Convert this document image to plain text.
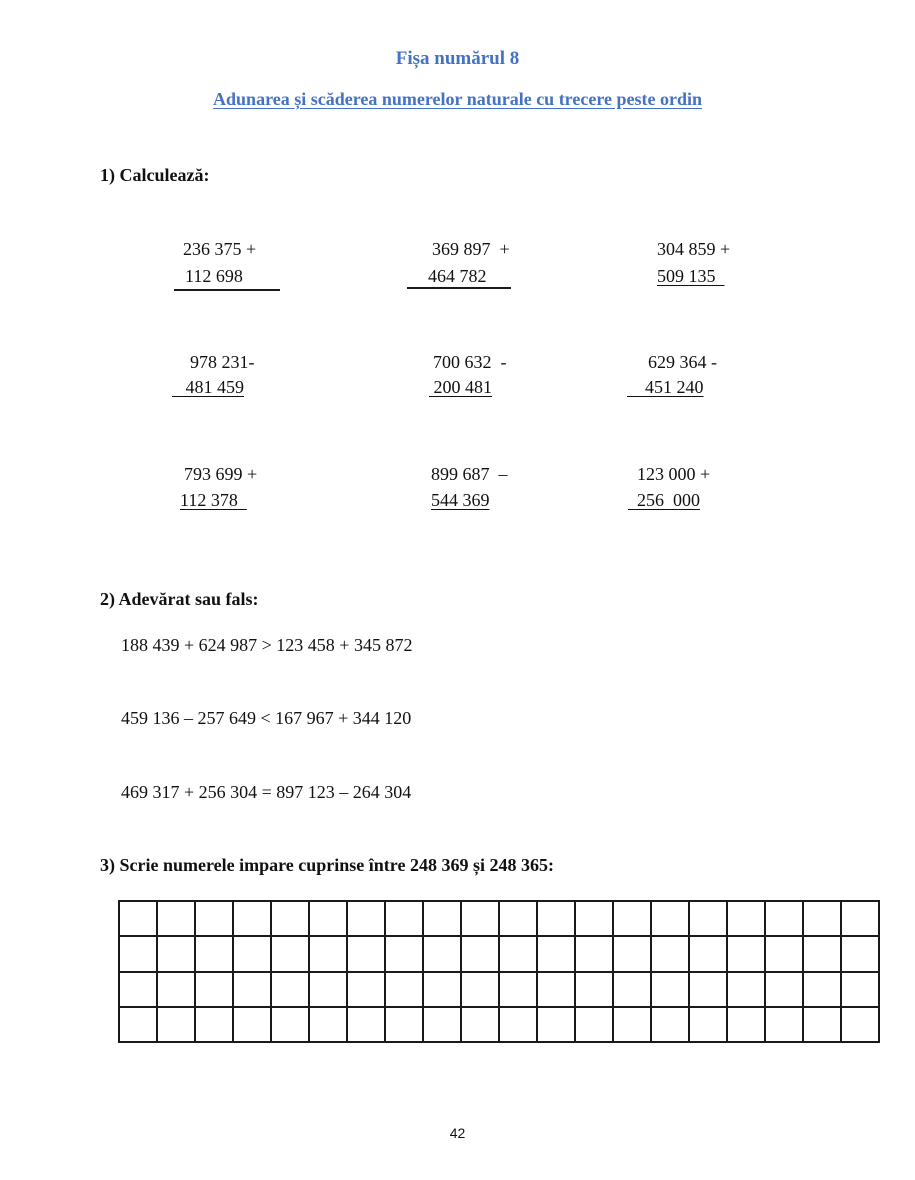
Fișa numărul 8
Adunarea și scăderea numerelor naturale cu trecere peste ordin
1) Calculează:
236 375 +
112 698
369 897  +
464 782
304 859 +
509 135
978 231-
481 459
700 632  -
200 481
629 364 -
451 240
793 699 +
112 378
899 687  –
544 369
123 000 +
256  000
2) Adevărat sau fals:
188 439 + 624 987 > 123 458 + 345 872
459 136 – 257 649 < 167 967 + 344 120
469 317 + 256 304 = 897 123 – 264 304
3) Scrie numerele impare cuprinse între 248 369 și 248 365:

42
